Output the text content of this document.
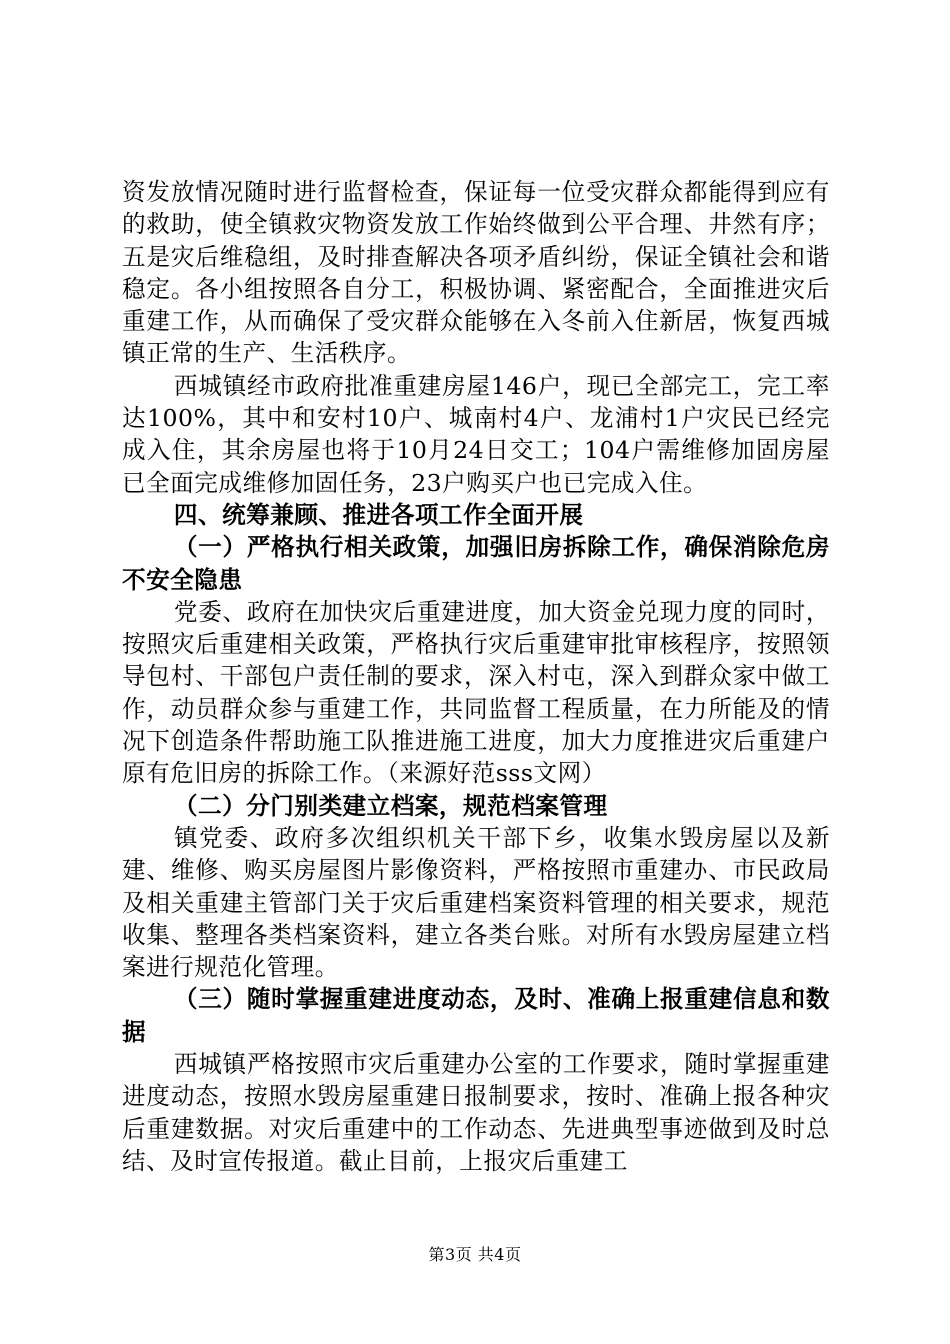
资发放情况随时进行监督检查，保证每一位受灾群众都能得到应有的救助，使全镇救灾物资发放工作始终做到公平合理、井然有序；五是灾后维稳组，及时排查解决各项矛盾纠纷，保证全镇社会和谐稳定。各小组按照各自分工，积极协调、紧密配合，全面推进灾后重建工作，从而确保了受灾群众能够在入冬前入住新居，恢复西城镇正常的生产、生活秩序。

西城镇经市政府批准重建房屋146户，现已全部完工，完工率达100%，其中和安村10户、城南村4户、龙浦村1户灾民已经完成入住，其余房屋也将于10月24日交工；104户需维修加固房屋已全面完成维修加固任务，23户购买户也已完成入住。

四、统筹兼顾、推进各项工作全面开展

（一）严格执行相关政策，加强旧房拆除工作，确保消除危房不安全隐患

党委、政府在加快灾后重建进度，加大资金兑现力度的同时，按照灾后重建相关政策，严格执行灾后重建审批审核程序，按照领导包村、干部包户责任制的要求，深入村屯，深入到群众家中做工作，动员群众参与重建工作，共同监督工程质量，在力所能及的情况下创造条件帮助施工队推进施工进度，加大力度推进灾后重建户原有危旧房的拆除工作。（来源好范sss文网）

（二）分门别类建立档案，规范档案管理

镇党委、政府多次组织机关干部下乡，收集水毁房屋以及新建、维修、购买房屋图片影像资料，严格按照市重建办、市民政局及相关重建主管部门关于灾后重建档案资料管理的相关要求，规范收集、整理各类档案资料，建立各类台账。对所有水毁房屋建立档案进行规范化管理。

（三）随时掌握重建进度动态，及时、准确上报重建信息和数据

西城镇严格按照市灾后重建办公室的工作要求，随时掌握重建进度动态，按照水毁房屋重建日报制要求，按时、准确上报各种灾后重建数据。对灾后重建中的工作动态、先进典型事迹做到及时总结、及时宣传报道。截止目前，上报灾后重建工

第3页 共4页
